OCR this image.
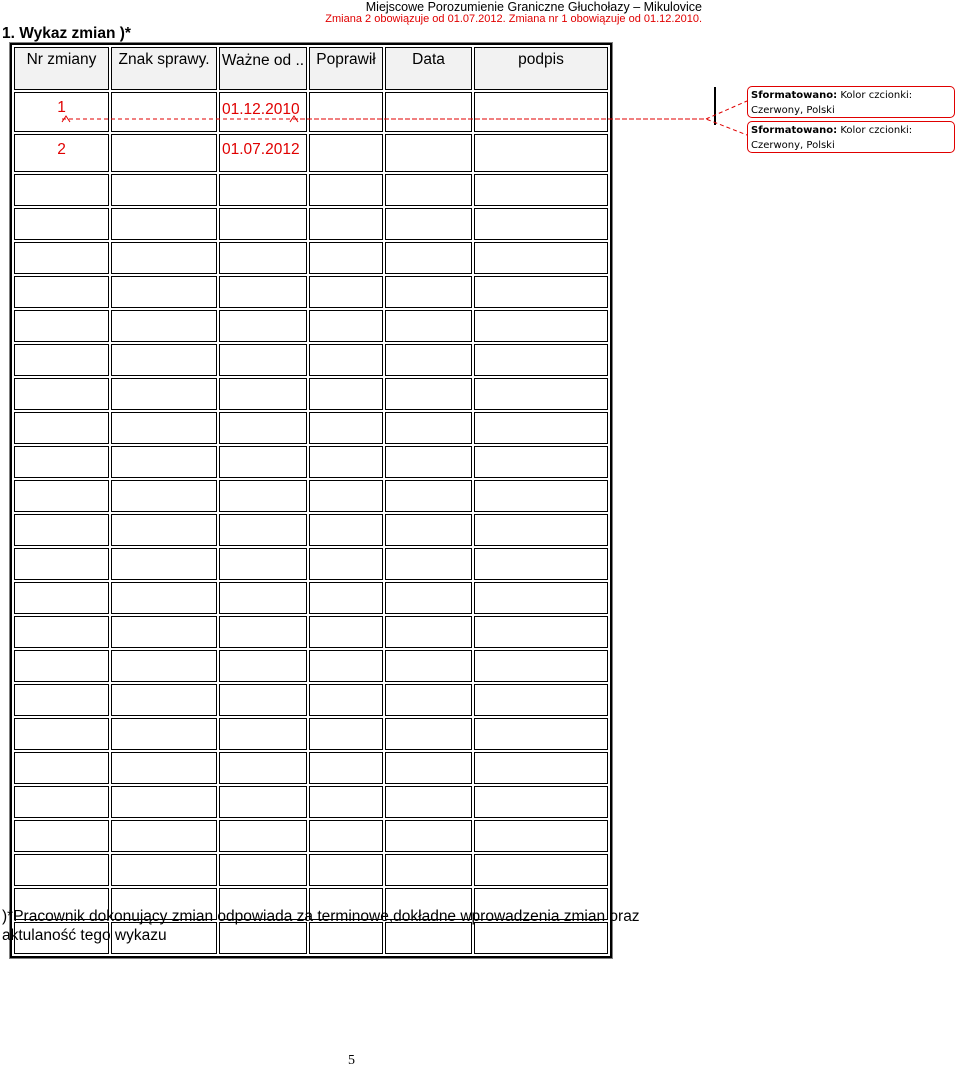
Miejscowe Porozumienie Graniczne Głuchołazy – Mikulovice
Zmiana 2 obowiązuje od 01.07.2012. Zmiana nr 1 obowiązuje od 01.12.2010.
1. Wykaz zmian )*
Nr zmiany	Znak sprawy.	Ważne od ..	Poprawił	Data	podpis
1		01.12.2010			
2		01.07.2012			

)*Pracownik dokonujący zmian odpowiada za terminowe,dokładne wprowadzenia zmian oraz aktulaność tego wykazu
5
Sformatowano: Kolor czcionki:
Czerwony, Polski
Sformatowano: Kolor czcionki:
Czerwony, Polski
